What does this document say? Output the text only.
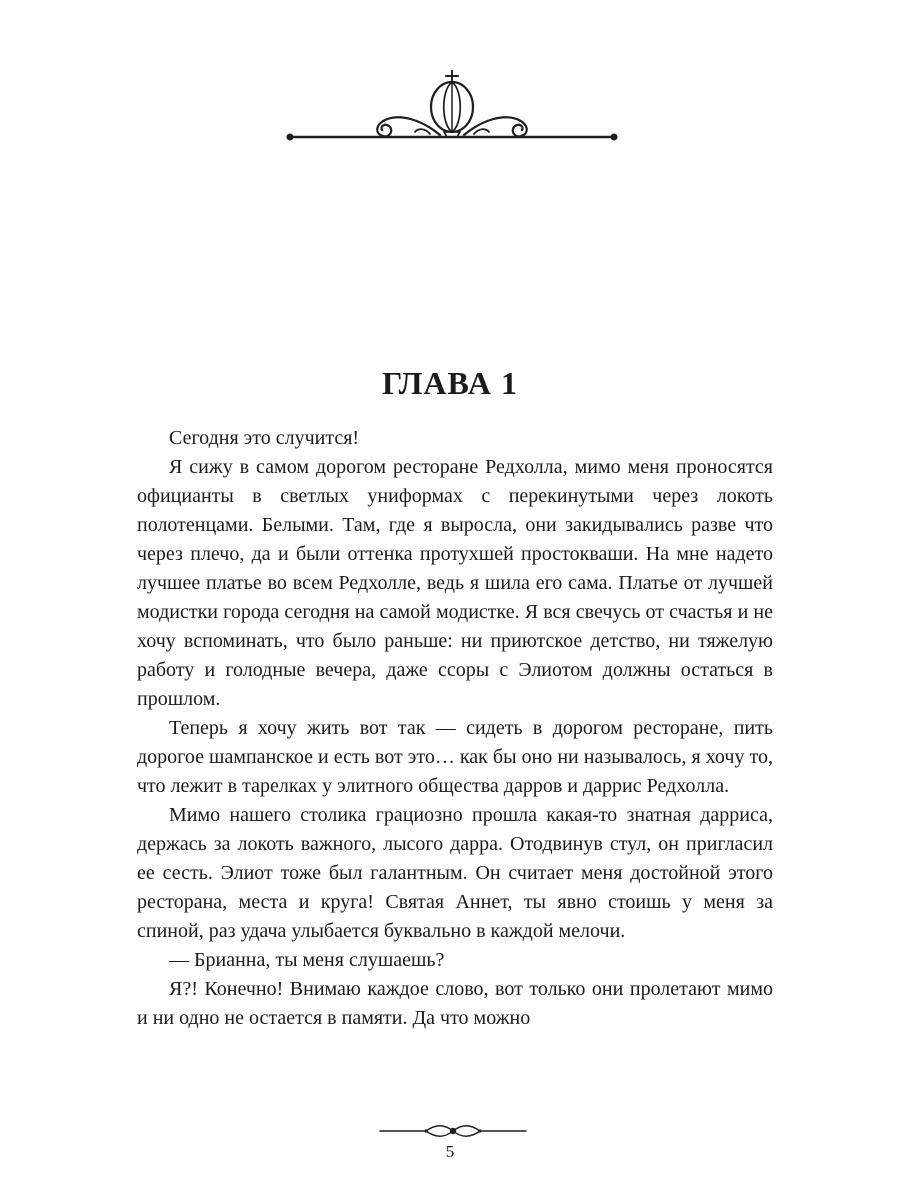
ГЛАВА 1

Сегодня это случится!

Я сижу в самом дорогом ресторане Редхолла, мимо меня проносятся официанты в светлых униформах с перекинутыми через локоть полотенцами. Белыми. Там, где я выросла, они закидывались разве что через плечо, да и были оттенка протухшей простокваши. На мне надето лучшее платье во всем Редхолле, ведь я шила его сама. Платье от лучшей модистки города сегодня на самой модистке. Я вся свечусь от счастья и не хочу вспоминать, что было раньше: ни приютское детство, ни тяжелую работу и голодные вечера, даже ссоры с Элиотом должны остаться в прошлом.

Теперь я хочу жить вот так — сидеть в дорогом ресторане, пить дорогое шампанское и есть вот это… как бы оно ни называлось, я хочу то, что лежит в тарелках у элитного общества дарров и даррис Редхолла.

Мимо нашего столика грациозно прошла какая-то знатная дарриса, держась за локоть важного, лысого дарра. Отодвинув стул, он пригласил ее сесть. Элиот тоже был галантным. Он считает меня достойной этого ресторана, места и круга! Святая Аннет, ты явно стоишь у меня за спиной, раз удача улыбается буквально в каждой мелочи.

— Брианна, ты меня слушаешь?

Я?! Конечно! Внимаю каждое слово, вот только они пролетают мимо и ни одно не остается в памяти. Да что можно

5
